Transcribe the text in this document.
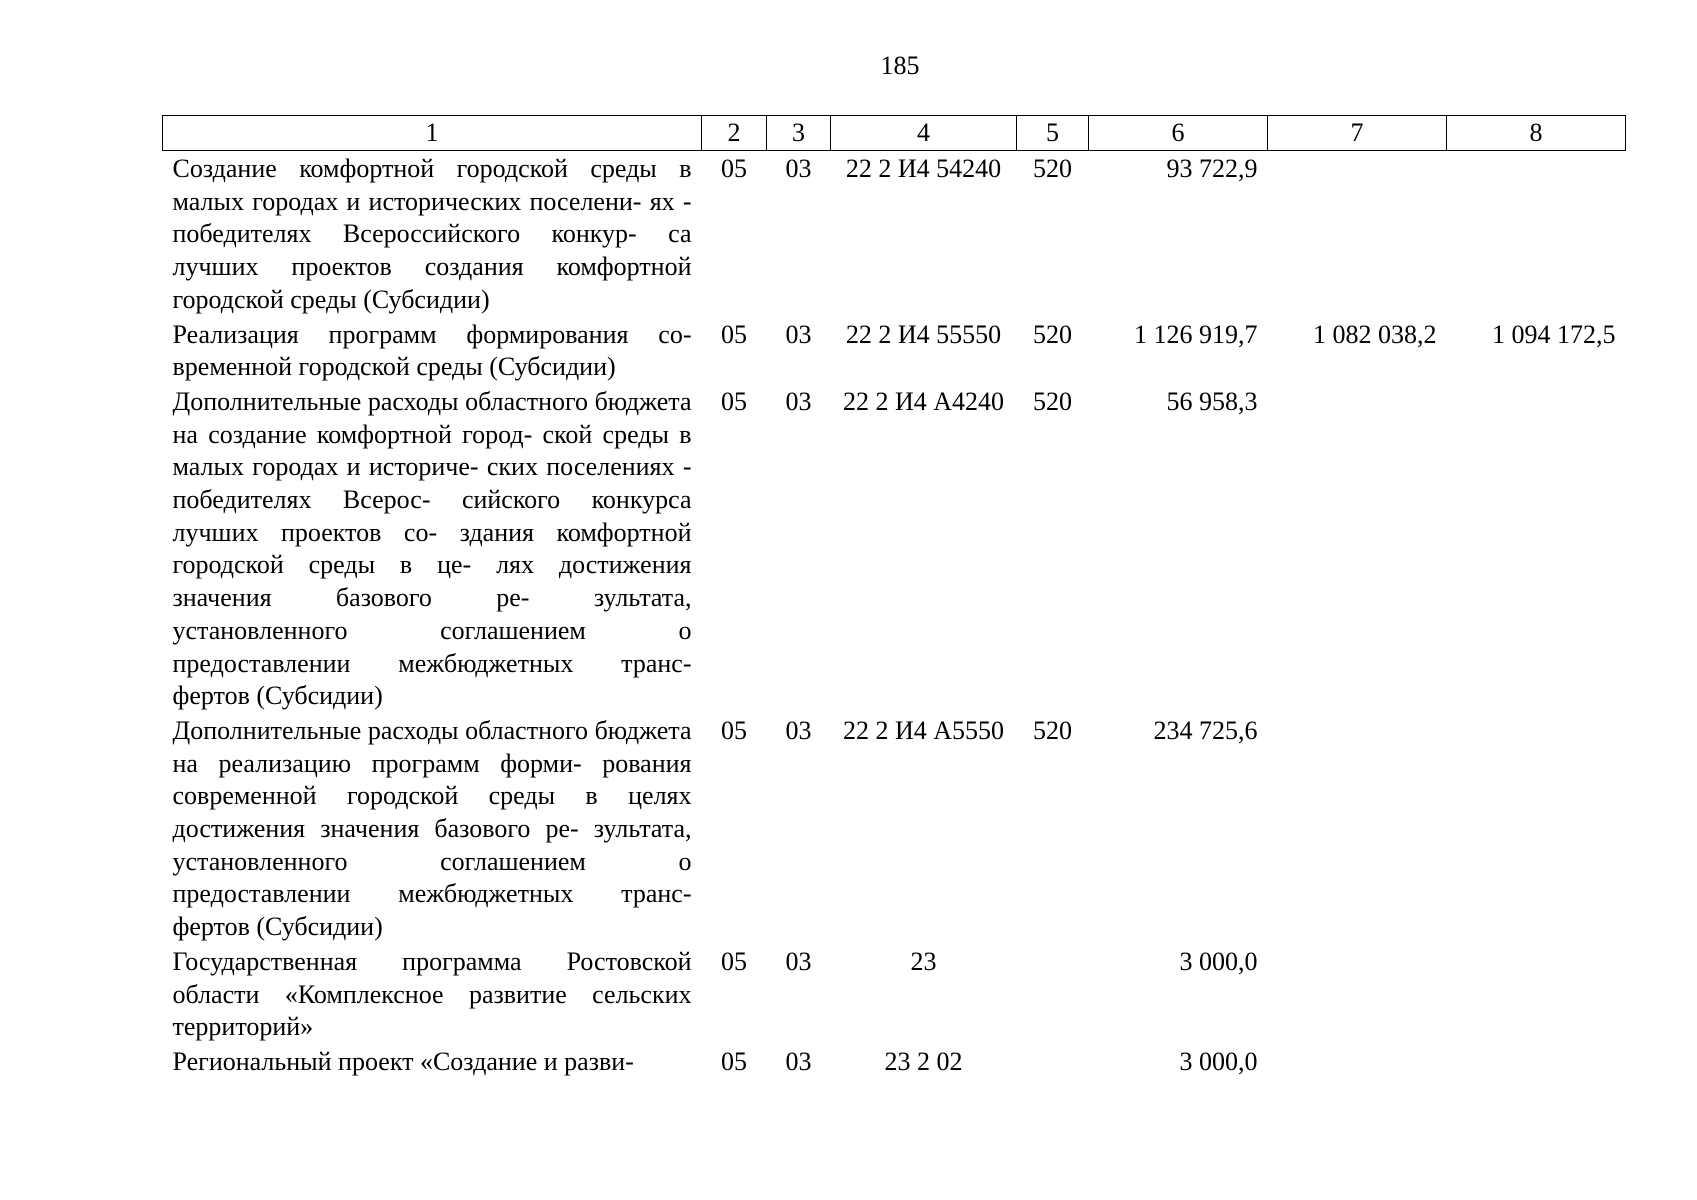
185
1	2	3	4	5	6	7	8
Создание комфортной городской среды в малых городах и исторических поселени- ях - победителях Всероссийского конкур- са лучших проектов создания комфортной городской среды (Субсидии)	05	03	22 2 И4 54240	520	93 722,9		
Реализация программ формирования со- временной городской среды (Субсидии)	05	03	22 2 И4 55550	520	1 126 919,7	1 082 038,2	1 094 172,5
Дополнительные расходы областного бюджета на создание комфортной город- ской среды в малых городах и историче- ских поселениях - победителях Всерос- сийского конкурса лучших проектов со- здания комфортной городской среды в це- лях достижения значения базового ре- зультата, установленного соглашением о предоставлении межбюджетных транс- фертов (Субсидии)	05	03	22 2 И4 А4240	520	56 958,3		
Дополнительные расходы областного бюджета на реализацию программ форми- рования современной городской среды в целях достижения значения базового ре- зультата, установленного соглашением о предоставлении межбюджетных транс- фертов (Субсидии)	05	03	22 2 И4 А5550	520	234 725,6		
Государственная программа Ростовской области «Комплексное развитие сельских территорий»	05	03	23		3 000,0		
Региональный проект «Создание и разви-	05	03	23 2 02		3 000,0		
